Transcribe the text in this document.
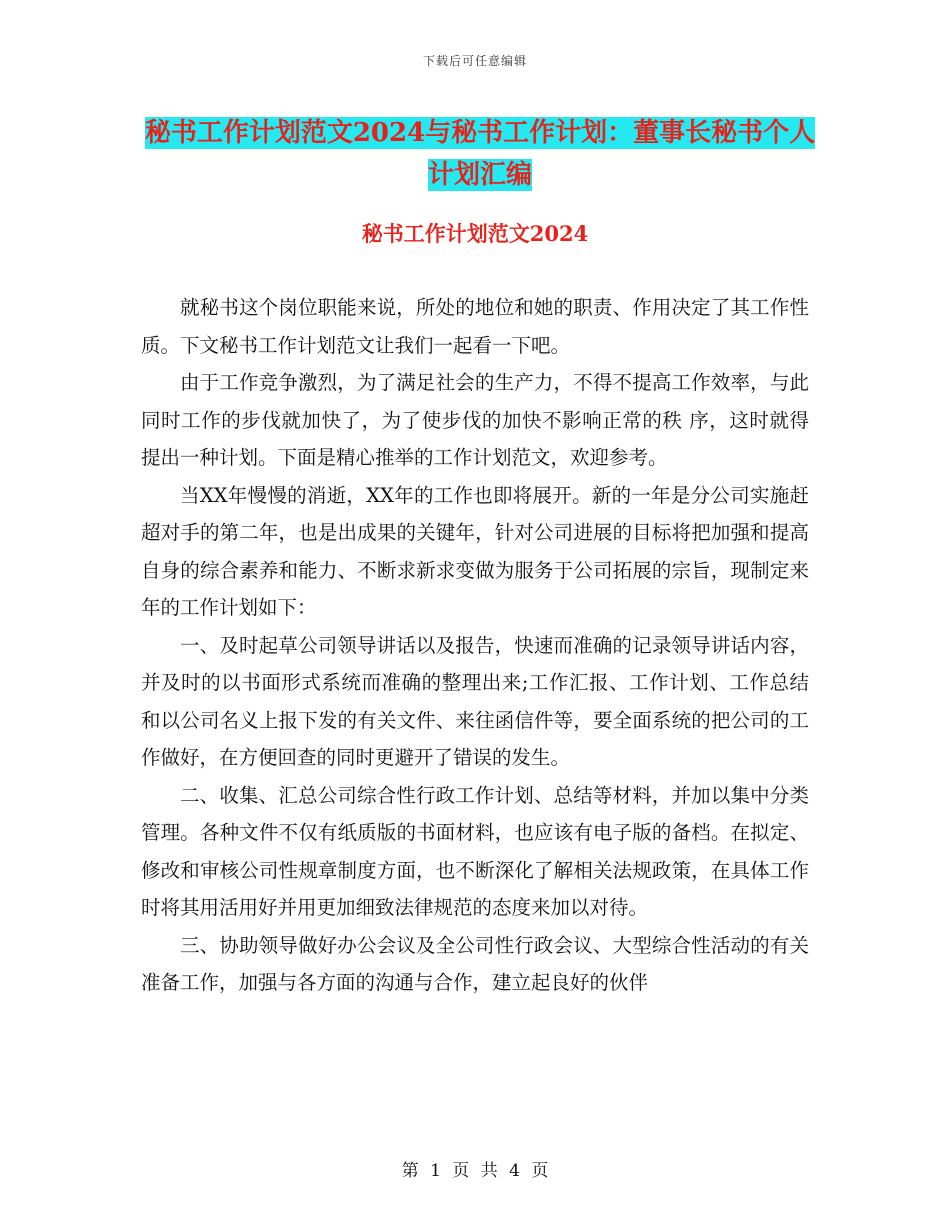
下载后可任意编辑
秘书工作计划范文2024与秘书工作计划：董事长秘书个人计划汇编
秘书工作计划范文2024

就秘书这个岗位职能来说，所处的地位和她的职责、作用决定了其工作性质。下文秘书工作计划范文让我们一起看一下吧。

由于工作竞争激烈，为了满足社会的生产力，不得不提高工作效率，与此同时工作的步伐就加快了，为了使步伐的加快不影响正常的秩 序，这时就得提出一种计划。下面是精心推举的工作计划范文，欢迎参考。

当XX年慢慢的消逝，XX年的工作也即将展开。新的一年是分公司实施赶超对手的第二年，也是出成果的关键年，针对公司进展的目标将把加强和提高自身的综合素养和能力、不断求新求变做为服务于公司拓展的宗旨，现制定来年的工作计划如下：

一、及时起草公司领导讲话以及报告，快速而准确的记录领导讲话内容，并及时的以书面形式系统而准确的整理出来;工作汇报、工作计划、工作总结和以公司名义上报下发的有关文件、来往函信件等，要全面系统的把公司的工作做好，在方便回查的同时更避开了错误的发生。

二、收集、汇总公司综合性行政工作计划、总结等材料，并加以集中分类管理。各种文件不仅有纸质版的书面材料，也应该有电子版的备档。在拟定、修改和审核公司性规章制度方面，也不断深化了解相关法规政策，在具体工作时将其用活用好并用更加细致法律规范的态度来加以对待。

三、协助领导做好办公会议及全公司性行政会议、大型综合性活动的有关准备工作，加强与各方面的沟通与合作，建立起良好的伙伴

第 1 页 共 4 页
